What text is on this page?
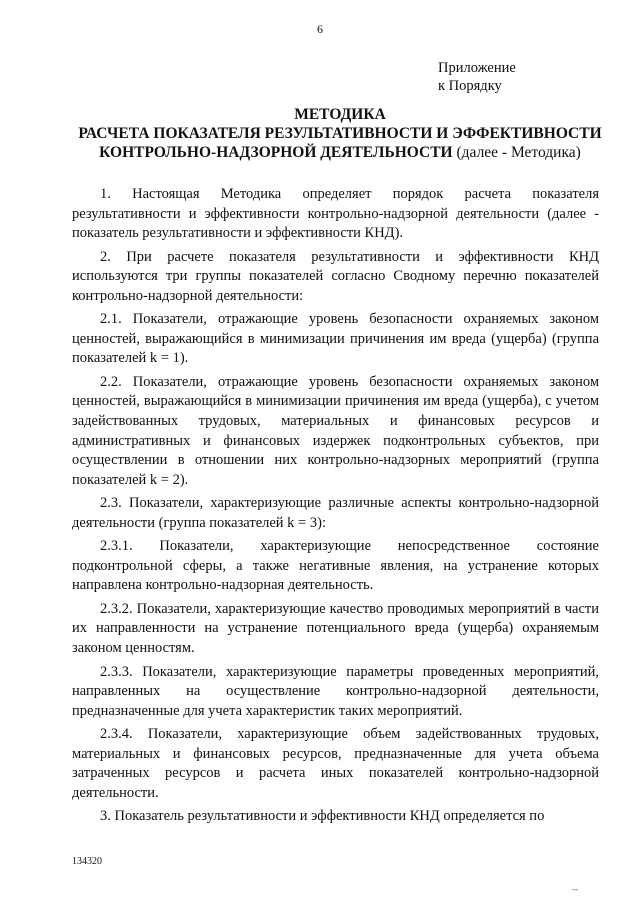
6
Приложение
к Порядку
МЕТОДИКА
РАСЧЕТА ПОКАЗАТЕЛЯ РЕЗУЛЬТАТИВНОСТИ И ЭФФЕКТИВНОСТИ
КОНТРОЛЬНО-НАДЗОРНОЙ ДЕЯТЕЛЬНОСТИ (далее - Методика)

1. Настоящая Методика определяет порядок расчета показателя результативности и эффективности контрольно-надзорной деятельности (далее - показатель результативности и эффективности КНД).

2. При расчете показателя результативности и эффективности КНД используются три группы показателей согласно Сводному перечню показателей контрольно-надзорной деятельности:

2.1. Показатели, отражающие уровень безопасности охраняемых законом ценностей, выражающийся в минимизации причинения им вреда (ущерба) (группа показателей k = 1).

2.2. Показатели, отражающие уровень безопасности охраняемых законом ценностей, выражающийся в минимизации причинения им вреда (ущерба), с учетом задействованных трудовых, материальных и финансовых ресурсов и административных и финансовых издержек подконтрольных субъектов, при осуществлении в отношении них контрольно-надзорных мероприятий (группа показателей k = 2).

2.3. Показатели, характеризующие различные аспекты контрольно-надзорной деятельности (группа показателей k = 3):

2.3.1. Показатели, характеризующие непосредственное состояние подконтрольной сферы, а также негативные явления, на устранение которых направлена контрольно-надзорная деятельность.

2.3.2. Показатели, характеризующие качество проводимых мероприятий в части их направленности на устранение потенциального вреда (ущерба) охраняемым законом ценностям.

2.3.3. Показатели, характеризующие параметры проведенных мероприятий, направленных на осуществление контрольно-надзорной деятельности, предназначенные для учета характеристик таких мероприятий.

2.3.4. Показатели, характеризующие объем задействованных трудовых, материальных и финансовых ресурсов, предназначенные для учета объема затраченных ресурсов и расчета иных показателей контрольно-надзорной деятельности.

3. Показатель результативности и эффективности КНД определяется по

134320
--
